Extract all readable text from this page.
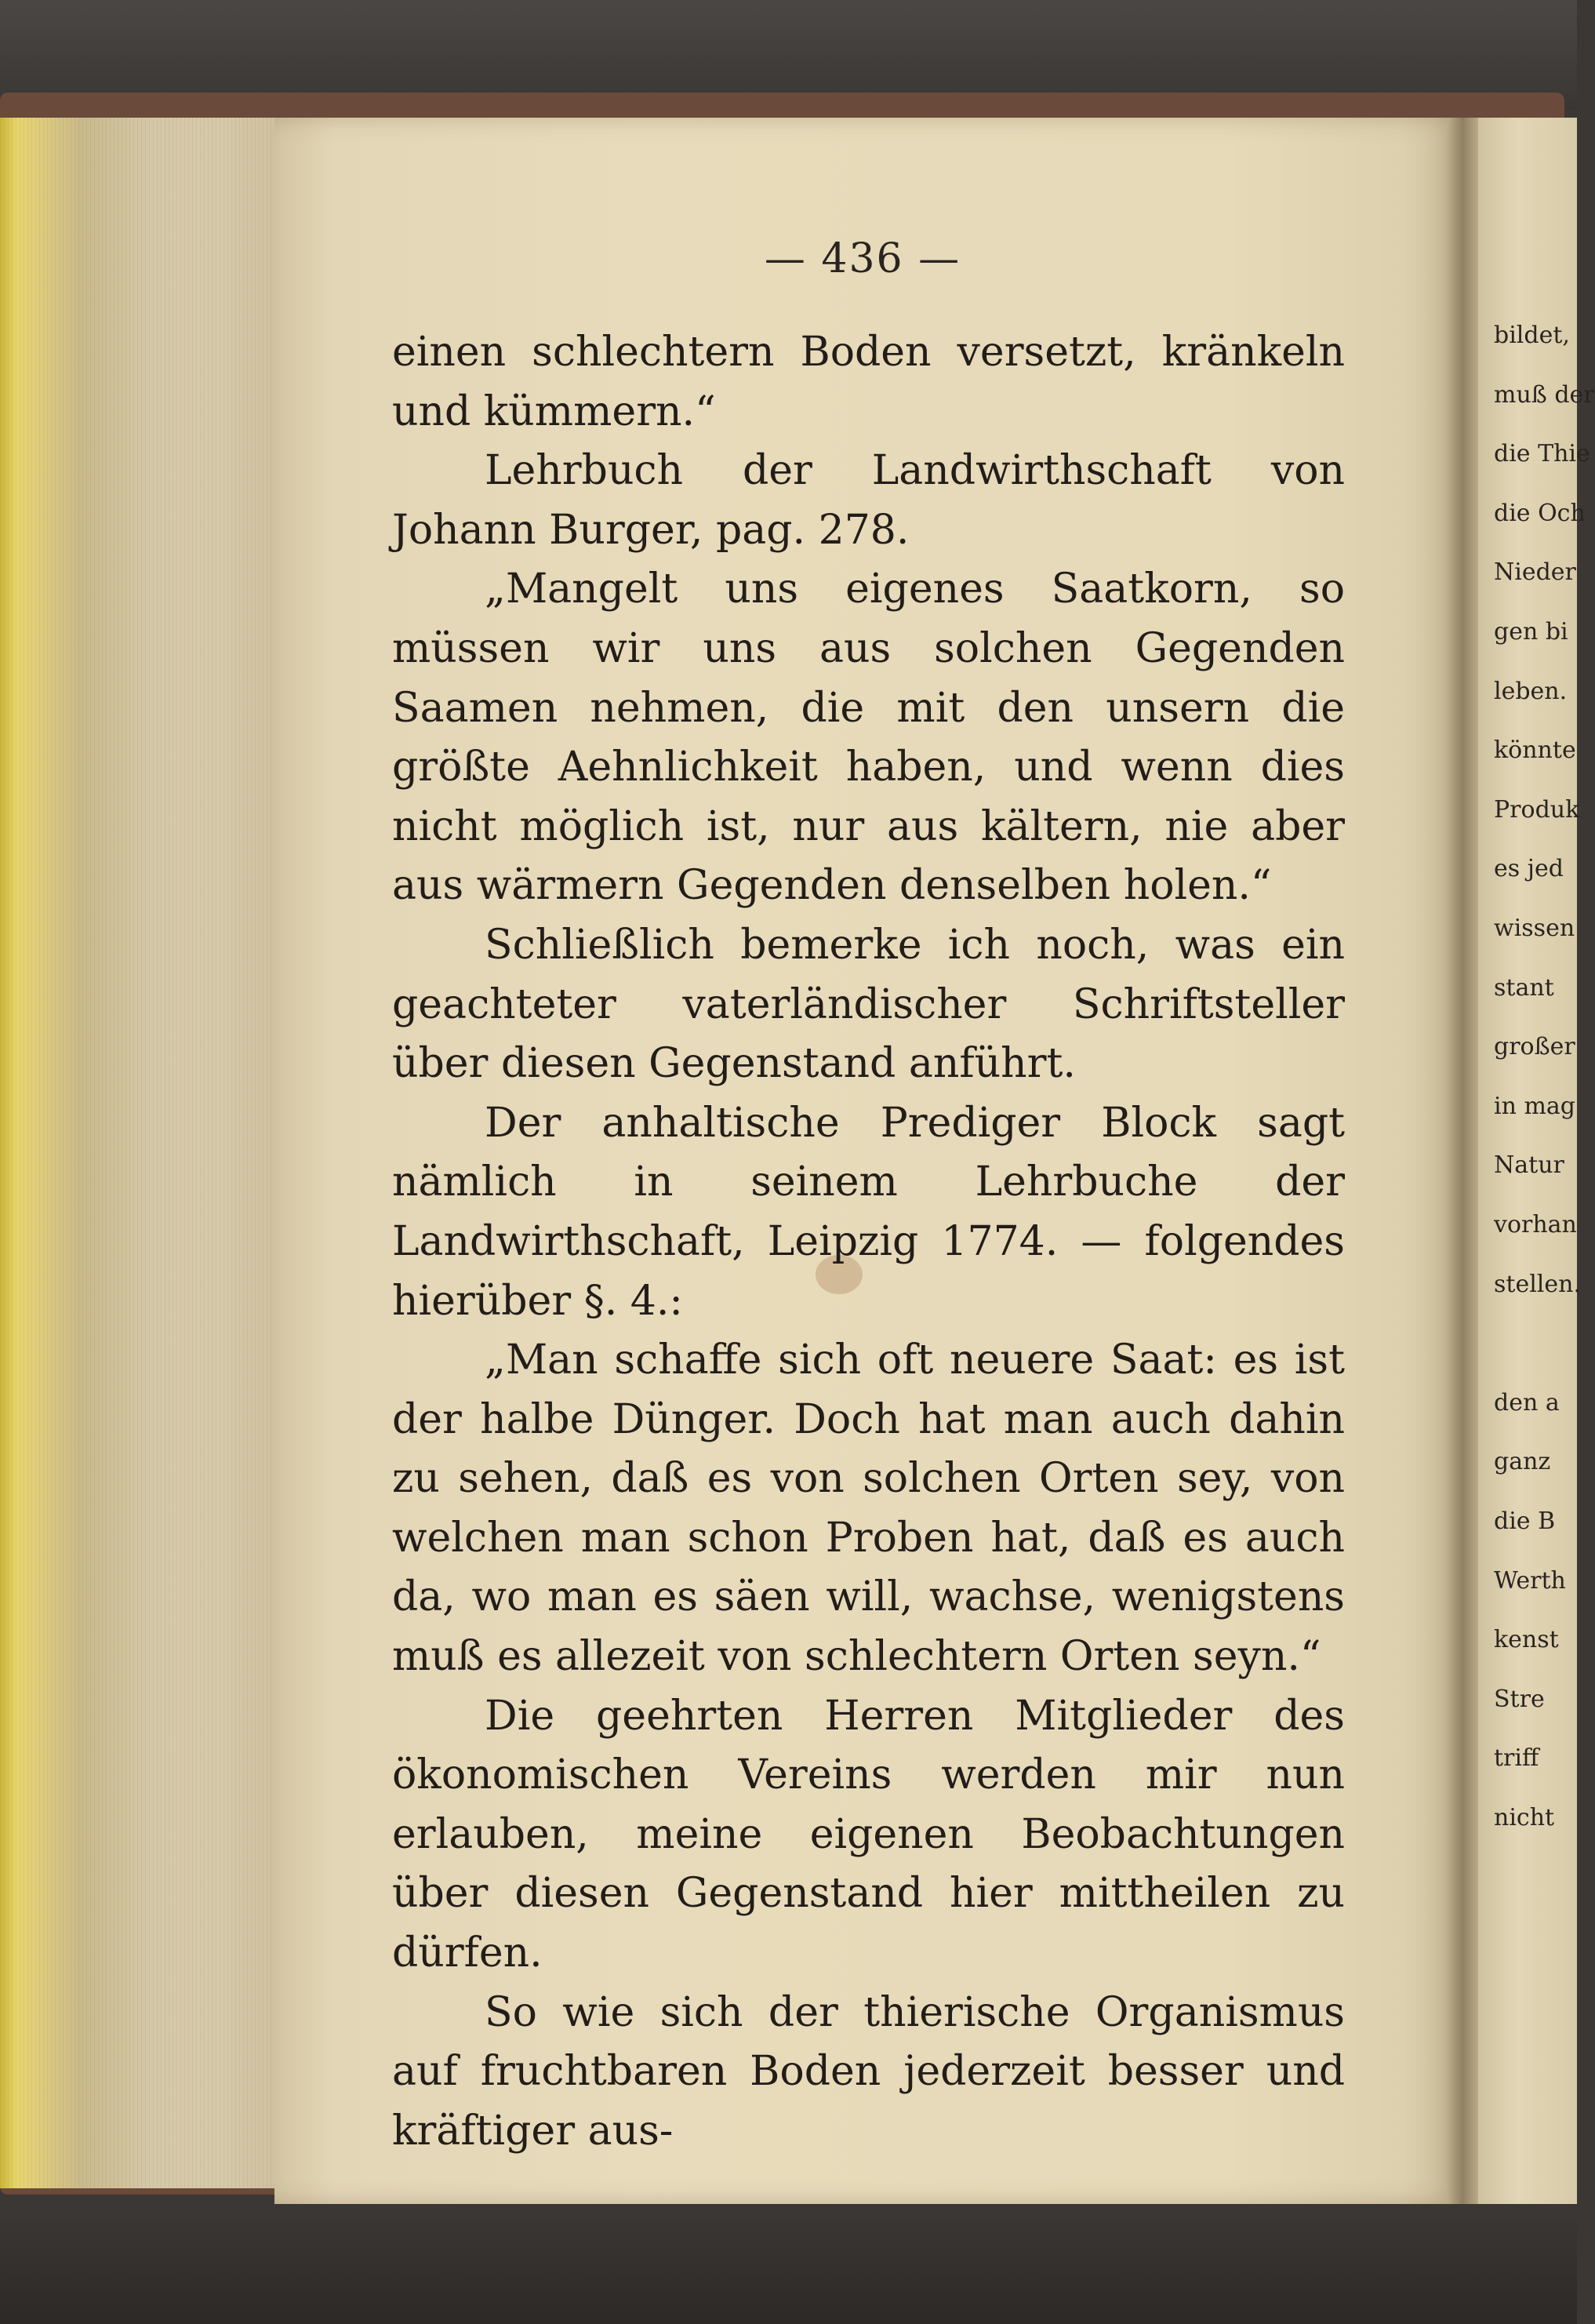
— 436 —

einen schlechtern Boden versetzt, kränkeln und kümmern.“

Lehrbuch der Landwirthschaft von Johann Burger, pag. 278.

„Mangelt uns eigenes Saatkorn, so müssen wir uns aus solchen Gegenden Saamen nehmen, die mit den unsern die größte Aehnlichkeit haben, und wenn dies nicht möglich ist, nur aus kältern, nie aber aus wärmern Gegenden denselben holen.“

Schließlich bemerke ich noch, was ein geachteter vaterländischer Schriftsteller über diesen Gegenstand anführt.

Der anhaltische Prediger Block sagt nämlich in seinem Lehrbuche der Landwirthschaft, Leipzig 1774. — folgendes hierüber §. 4.:

„Man schaffe sich oft neuere Saat: es ist der halbe Dünger. Doch hat man auch dahin zu sehen, daß es von solchen Orten sey, von welchen man schon Proben hat, daß es auch da, wo man es säen will, wachse, wenigstens muß es allezeit von schlechtern Orten seyn.“

Die geehrten Herren Mitglieder des ökonomischen Vereins werden mir nun erlauben, meine eigenen Beobachtungen über diesen Gegenstand hier mittheilen zu dürfen.

So wie sich der thierische Organismus auf fruchtbaren Boden jederzeit besser und kräftiger aus-

bildet,
muß der
die Thie
die Och
Nieder
gen bi
leben.
könnte
Produk
es jed
wissen
stant
großer
in mag
Natur
vorhan
stellen.
den a
ganz
die B
Werth
kenst
Stre
triff
nicht
